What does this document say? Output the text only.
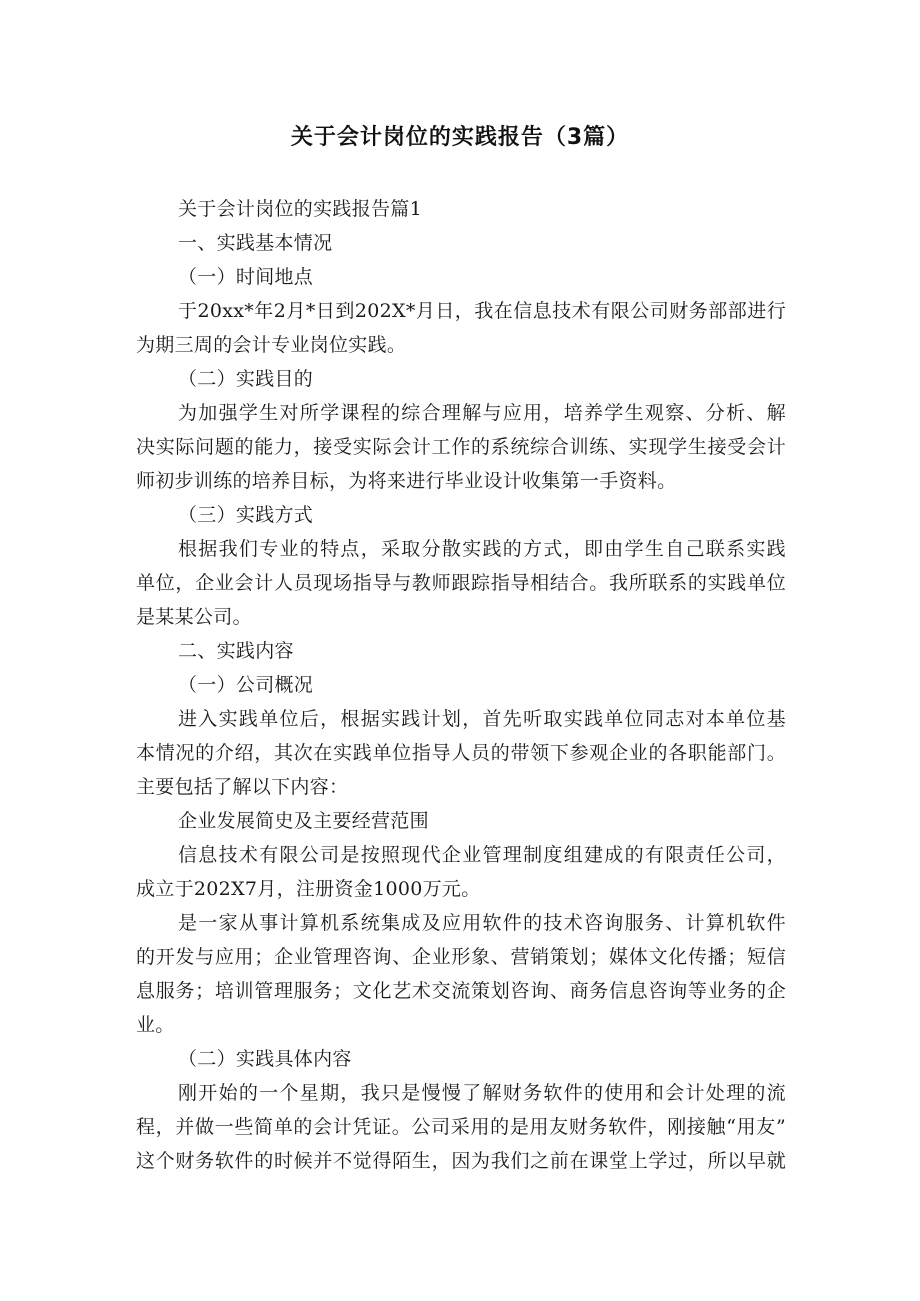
关于会计岗位的实践报告（3篇）
关于会计岗位的实践报告篇1
一、实践基本情况
（一）时间地点
于20xx*年2月*日到202X*月日，我在信息技术有限公司财务部部进行
为期三周的会计专业岗位实践。
（二）实践目的
为加强学生对所学课程的综合理解与应用，培养学生观察、分析、解
决实际问题的能力，接受实际会计工作的系统综合训练、实现学生接受会计
师初步训练的培养目标，为将来进行毕业设计收集第一手资料。
（三）实践方式
根据我们专业的特点，采取分散实践的方式，即由学生自己联系实践
单位，企业会计人员现场指导与教师跟踪指导相结合。我所联系的实践单位
是某某公司。
二、实践内容
（一）公司概况
进入实践单位后，根据实践计划，首先听取实践单位同志对本单位基
本情况的介绍，其次在实践单位指导人员的带领下参观企业的各职能部门。
主要包括了解以下内容：
企业发展简史及主要经营范围
信息技术有限公司是按照现代企业管理制度组建成的有限责任公司，
成立于202X7月，注册资金1000万元。
是一家从事计算机系统集成及应用软件的技术咨询服务、计算机软件
的开发与应用；企业管理咨询、企业形象、营销策划；媒体文化传播；短信
息服务；培训管理服务；文化艺术交流策划咨询、商务信息咨询等业务的企
业。
（二）实践具体内容
刚开始的一个星期，我只是慢慢了解财务软件的使用和会计处理的流
程，并做一些简单的会计凭证。公司采用的是用友财务软件，刚接触“用友”
这个财务软件的时候并不觉得陌生，因为我们之前在课堂上学过，所以早就
